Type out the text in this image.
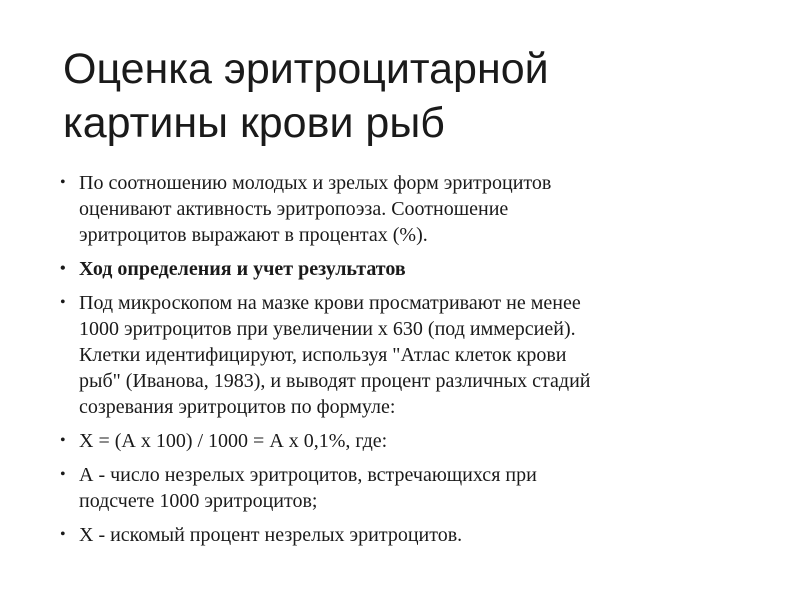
Оценка эритроцитарной
картины крови рыб
• По соотношению молодых и зрелых форм эритроцитов
оценивают активность эритропоэза. Соотношение
эритроцитов выражают в процентах (%).
• Ход определения и учет результатов
• Под микроскопом на мазке крови просматривают не менее
1000 эритроцитов при увеличении х 630 (под иммерсией).
Клетки идентифицируют, используя "Атлас клеток крови
рыб" (Иванова, 1983), и выводят процент различных стадий
созревания эритроцитов по формуле:
• X = (А х 100) / 1000 = А х 0,1%, где:
• А - число незрелых эритроцитов, встречающихся при
подсчете 1000 эритроцитов;
• X - искомый процент незрелых эритроцитов.
